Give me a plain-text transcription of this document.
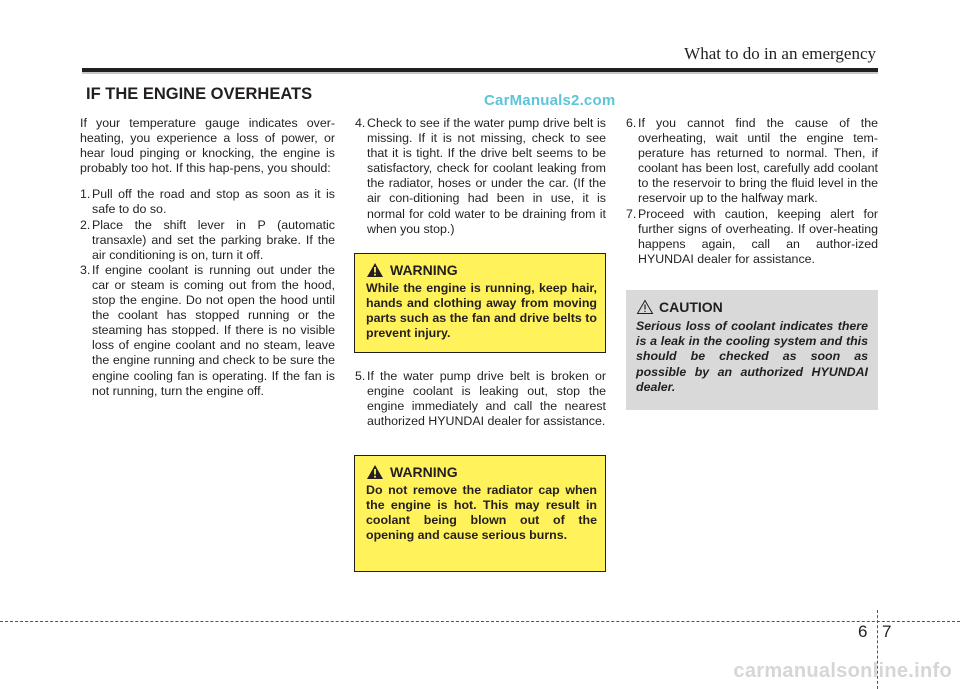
What to do in an emergency
IF THE ENGINE OVERHEATS	CarManuals2.com

If your temperature gauge indicates over-heating, you experience a loss of power, or hear loud pinging or knocking, the engine is probably too hot. If this hap-pens, you should:

1. Pull off the road and stop as soon as it is safe to do so.
2. Place the shift lever in P (automatic transaxle) and set the parking brake. If the air conditioning is on, turn it off.
3. If engine coolant is running out under the car or steam is coming out from the hood, stop the engine. Do not open the hood until the coolant has stopped running or the steaming has stopped. If there is no visible loss of engine coolant and no steam, leave the engine running and check to be sure the engine cooling fan is operating. If the fan is not running, turn the engine off.
4. Check to see if the water pump drive belt is missing. If it is not missing, check to see that it is tight. If the drive belt seems to be satisfactory, check for coolant leaking from the radiator, hoses or under the car. (If the air con-ditioning had been in use, it is normal for cold water to be draining from it when you stop.)
WARNING
While the engine is running, keep hair, hands and clothing away from moving parts such as the fan and drive belts to prevent injury.
5. If the water pump drive belt is broken or engine coolant is leaking out, stop the engine immediately and call the nearest authorized HYUNDAI dealer for assistance.
WARNING
Do not remove the radiator cap when the engine is hot. This may result in coolant being blown out of the opening and cause serious burns.
6. If you cannot find the cause of the overheating, wait until the engine tem-perature has returned to normal. Then, if coolant has been lost, carefully add coolant to the reservoir to bring the fluid level in the reservoir up to the halfway mark.
7. Proceed with caution, keeping alert for further signs of overheating. If over-heating happens again, call an author-ized HYUNDAI dealer for assistance.
CAUTION
Serious loss of coolant indicates there is a leak in the cooling system and this should be checked as soon as possible by an authorized HYUNDAI dealer.
6 7
carmanualsonline.info
